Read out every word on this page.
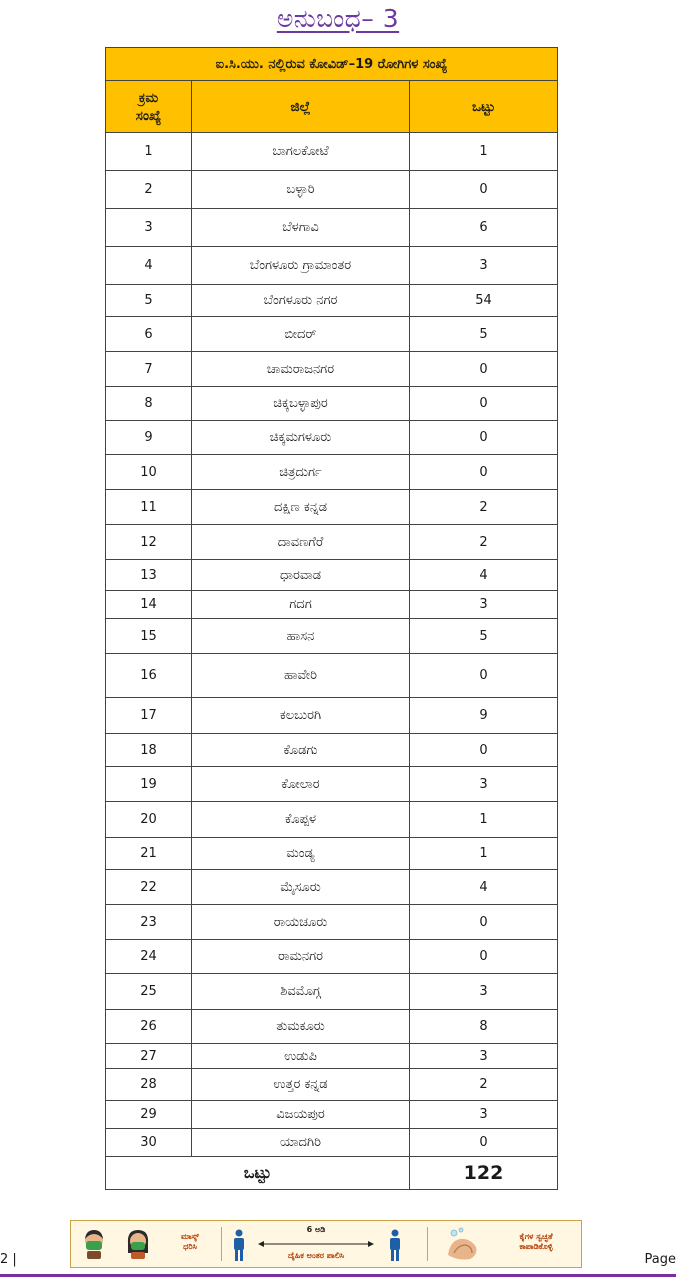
ಅನುಬಂಧ– 3
ಐ.ಸಿ.ಯು. ನಲ್ಲಿರುವ ಕೋವಿಡ್–19 ರೋಗಿಗಳ ಸಂಖ್ಯೆ		

ಕ್ರಮ
ಸಂಖ್ಯೆ	ಜಿಲ್ಲೆ	ಒಟ್ಟು
1	ಬಾಗಲಕೋಟೆ	1
2	ಬಳ್ಳಾರಿ	0
3	ಬೆಳಗಾವಿ	6
4	ಬೆಂಗಳೂರು ಗ್ರಾಮಾಂತರ	3
5	ಬೆಂಗಳೂರು ನಗರ	54
6	ಬೀದರ್	5
7	ಚಾಮರಾಜನಗರ	0
8	ಚಿಕ್ಕಬಳ್ಳಾಪುರ	0
9	ಚಿಕ್ಕಮಗಳೂರು	0
10	ಚಿತ್ರದುರ್ಗ	0
11	ದಕ್ಷಿಣ ಕನ್ನಡ	2
12	ದಾವಣಗೆರೆ	2
13	ಧಾರವಾಡ	4
14	ಗದಗ	3
15	ಹಾಸನ	5
16	ಹಾವೇರಿ	0
17	ಕಲಬುರಗಿ	9
18	ಕೊಡಗು	0
19	ಕೋಲಾರ	3
20	ಕೊಪ್ಪಳ	1
21	ಮಂಡ್ಯ	1
22	ಮೈಸೂರು	4
23	ರಾಯಚೂರು	0
24	ರಾಮನಗರ	0
25	ಶಿವಮೊಗ್ಗ	3
26	ತುಮಕೂರು	8
27	ಉಡುಪಿ	3
28	ಉತ್ತರ ಕನ್ನಡ	2
29	ವಿಜಯಪುರ	3
30	ಯಾದಗಿರಿ	0
ಒಟ್ಟು		122
ಮಾಸ್ಕ್
ಧರಿಸಿ
6 ಅಡಿ
ದೈಹಿಕ ಅಂತರ ಪಾಲಿಸಿ
ಕೈಗಳ ಸ್ವಚ್ಛತೆ
ಕಾಪಾಡಿಕೊಳ್ಳಿ
2 |	Page
